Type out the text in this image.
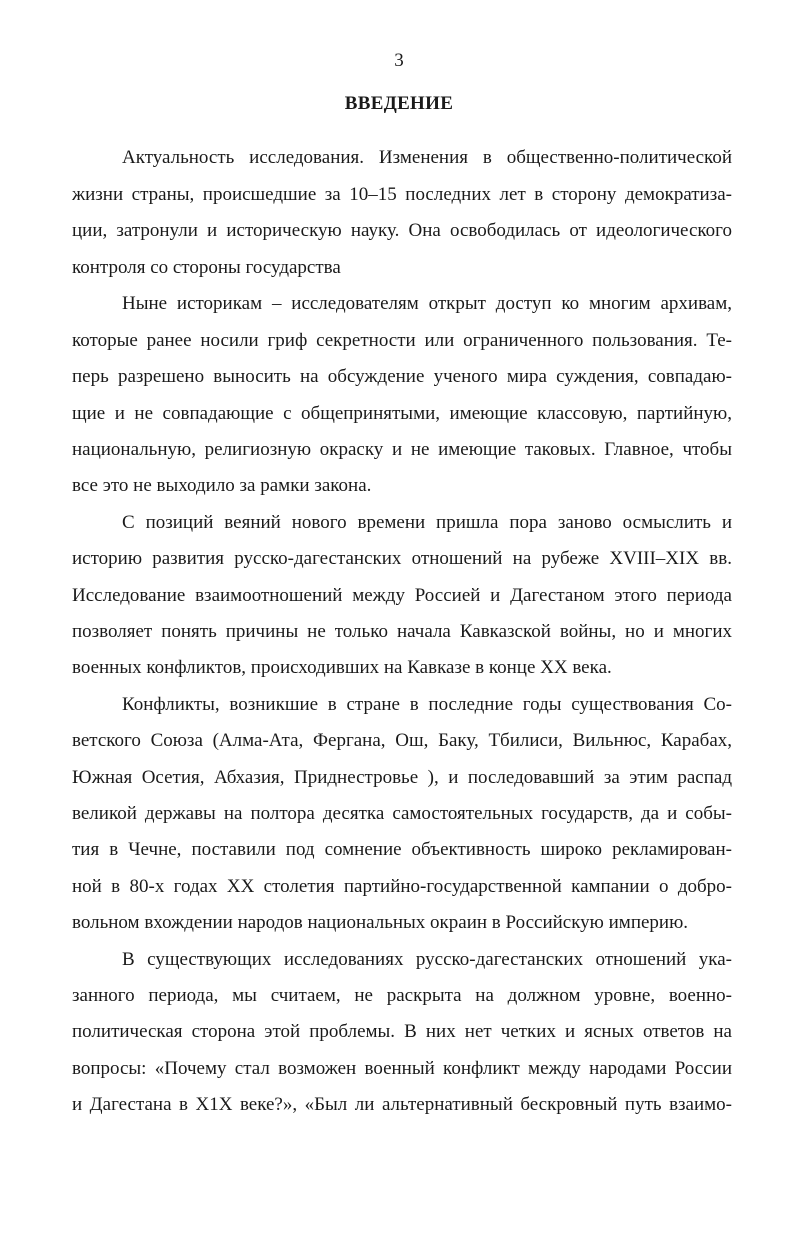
3
ВВЕДЕНИЕ
Актуальность исследования. Изменения в общественно-политической
жизни страны, происшедшие за 10–15 последних лет в сторону демократиза-
ции, затронули и историческую науку. Она освободилась от идеологического
контроля со стороны государства
Ныне историкам – исследователям открыт доступ ко многим архивам,
которые ранее носили гриф секретности или ограниченного пользования. Те-
перь разрешено выносить на обсуждение ученого мира суждения, совпадаю-
щие и не совпадающие с общепринятыми, имеющие классовую, партийную,
национальную, религиозную окраску и не имеющие таковых. Главное, чтобы
все это не выходило за рамки закона.
С позиций веяний нового времени пришла пора заново осмыслить и
историю развития русско-дагестанских отношений на рубеже XVIII–XIX вв.
Исследование взаимоотношений между Россией и Дагестаном этого периода
позволяет понять причины не только начала Кавказской войны, но и многих
военных конфликтов, происходивших на Кавказе в конце XX века.
Конфликты, возникшие в стране в последние годы существования Со-
ветского Союза (Алма-Ата, Фергана, Ош, Баку, Тбилиси, Вильнюс, Карабах,
Южная Осетия, Абхазия, Приднестровье ), и последовавший за этим распад
великой державы на полтора десятка самостоятельных государств, да и собы-
тия в Чечне, поставили под сомнение объективность широко рекламирован-
ной в 80-х годах XX столетия партийно-государственной кампании о добро-
вольном вхождении народов национальных окраин в Российскую империю.
В существующих исследованиях русско-дагестанских отношений ука-
занного периода, мы считаем, не раскрыта на должном уровне, военно-
политическая сторона этой проблемы. В них нет четких и ясных ответов на
вопросы: «Почему стал возможен военный конфликт между народами России
и Дагестана в X1X веке?», «Был ли альтернативный бескровный путь взаимо-
